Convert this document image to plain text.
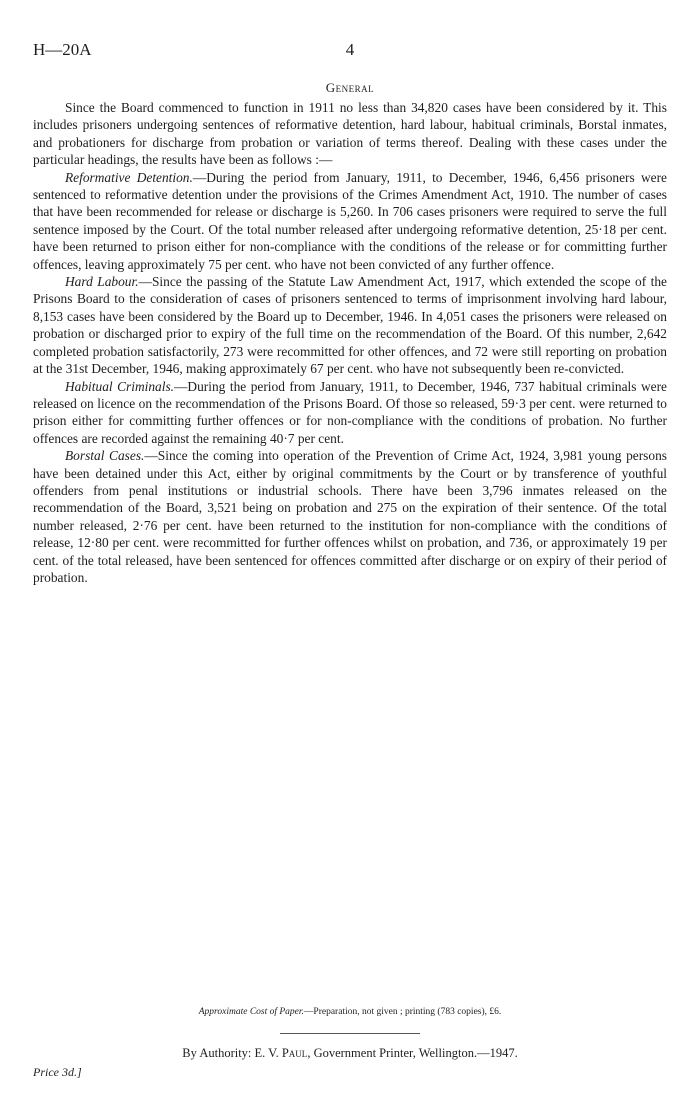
H—20A	4
General

Since the Board commenced to function in 1911 no less than 34,820 cases have been considered by it. This includes prisoners undergoing sentences of reformative detention, hard labour, habitual criminals, Borstal inmates, and probationers for discharge from probation or variation of terms thereof. Dealing with these cases under the particular headings, the results have been as follows :—

Reformative Detention.—During the period from January, 1911, to December, 1946, 6,456 prisoners were sentenced to reformative detention under the provisions of the Crimes Amendment Act, 1910. The number of cases that have been recommended for release or discharge is 5,260. In 706 cases prisoners were required to serve the full sentence imposed by the Court. Of the total number released after undergoing reformative detention, 25·18 per cent. have been returned to prison either for non-compliance with the conditions of the release or for committing further offences, leaving approximately 75 per cent. who have not been convicted of any further offence.

Hard Labour.—Since the passing of the Statute Law Amendment Act, 1917, which extended the scope of the Prisons Board to the consideration of cases of prisoners sentenced to terms of imprisonment involving hard labour, 8,153 cases have been considered by the Board up to December, 1946. In 4,051 cases the prisoners were released on probation or discharged prior to expiry of the full time on the recommendation of the Board. Of this number, 2,642 completed probation satisfactorily, 273 were recommitted for other offences, and 72 were still reporting on probation at the 31st December, 1946, making approximately 67 per cent. who have not subsequently been re-convicted.

Habitual Criminals.—During the period from January, 1911, to December, 1946, 737 habitual criminals were released on licence on the recommendation of the Prisons Board. Of those so released, 59·3 per cent. were returned to prison either for committing further offences or for non-compliance with the conditions of probation. No further offences are recorded against the remaining 40·7 per cent.

Borstal Cases.—Since the coming into operation of the Prevention of Crime Act, 1924, 3,981 young persons have been detained under this Act, either by original commitments by the Court or by transference of youthful offenders from penal institutions or industrial schools. There have been 3,796 inmates released on the recommendation of the Board, 3,521 being on probation and 275 on the expiration of their sentence. Of the total number released, 2·76 per cent. have been returned to the institution for non-compliance with the conditions of release, 12·80 per cent. were recommitted for further offences whilst on probation, and 736, or approximately 19 per cent. of the total released, have been sentenced for offences committed after discharge or on expiry of their period of probation.

Approximate Cost of Paper.—Preparation, not given ; printing (783 copies), £6.
By Authority: E. V. Paul, Government Printer, Wellington.—1947.
Price 3d.]
